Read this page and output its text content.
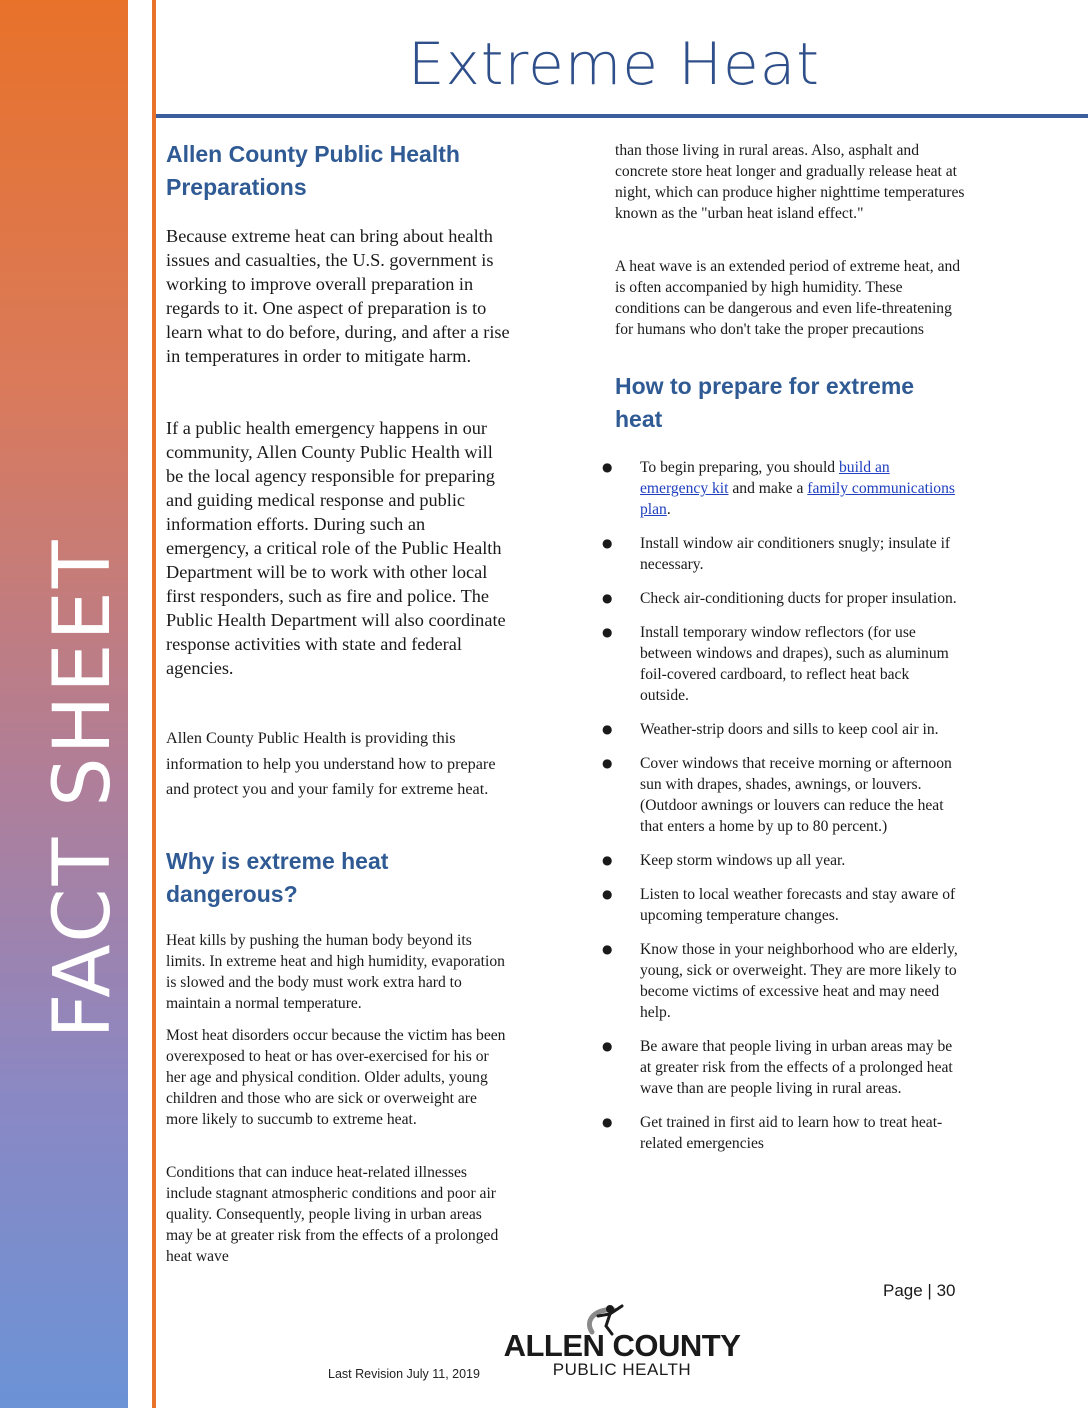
FACT SHEET
Extreme Heat
Allen County Public Health Preparations

Because extreme heat can bring about health issues and casualties, the U.S. government is working to improve overall preparation in regards to it. One aspect of preparation is to learn what to do before, during, and after a rise in temperatures in order to mitigate harm.

If a public health emergency happens in our community, Allen County Public Health will be the local agency responsible for preparing and guiding medical response and public information efforts. During such an emergency, a critical role of the Public Health Department will be to work with other local first responders, such as fire and police. The Public Health Department will also coordinate response activities with state and federal agencies.

Allen County Public Health is providing this information to help you understand how to prepare and protect you and your family for extreme heat.

Why is extreme heat dangerous?

Heat kills by pushing the human body beyond its limits. In extreme heat and high humidity, evaporation is slowed and the body must work extra hard to maintain a normal temperature.

Most heat disorders occur because the victim has been overexposed to heat or has over-exercised for his or her age and physical condition. Older adults, young children and those who are sick or overweight are more likely to succumb to extreme heat.

Conditions that can induce heat-related illnesses include stagnant atmospheric conditions and poor air quality. Consequently, people living in urban areas may be at greater risk from the effects of a prolonged heat wave

than those living in rural areas. Also, asphalt and concrete store heat longer and gradually release heat at night, which can produce higher nighttime temperatures known as the "urban heat island effect."

A heat wave is an extended period of extreme heat, and is often accompanied by high humidity. These conditions can be dangerous and even life-threatening for humans who don't take the proper precautions

How to prepare for extreme heat
● To begin preparing, you should build an emergency kit and make a family communications plan.
● Install window air conditioners snugly; insulate if necessary.
● Check air-conditioning ducts for proper insulation.
● Install temporary window reflectors (for use between windows and drapes), such as aluminum foil-covered cardboard, to reflect heat back outside.
● Weather-strip doors and sills to keep cool air in.
● Cover windows that receive morning or afternoon sun with drapes, shades, awnings, or louvers. (Outdoor awnings or louvers can reduce the heat that enters a home by up to 80 percent.)
● Keep storm windows up all year.
● Listen to local weather forecasts and stay aware of upcoming temperature changes.
● Know those in your neighborhood who are elderly, young, sick or overweight. They are more likely to become victims of excessive heat and may need help.
● Be aware that people living in urban areas may be at greater risk from the effects of a prolonged heat wave than are people living in rural areas.
● Get trained in first aid to learn how to treat heat-related emergencies
Page | 30
ALLEN COUNTY
PUBLIC HEALTH
Last Revision July 11, 2019
